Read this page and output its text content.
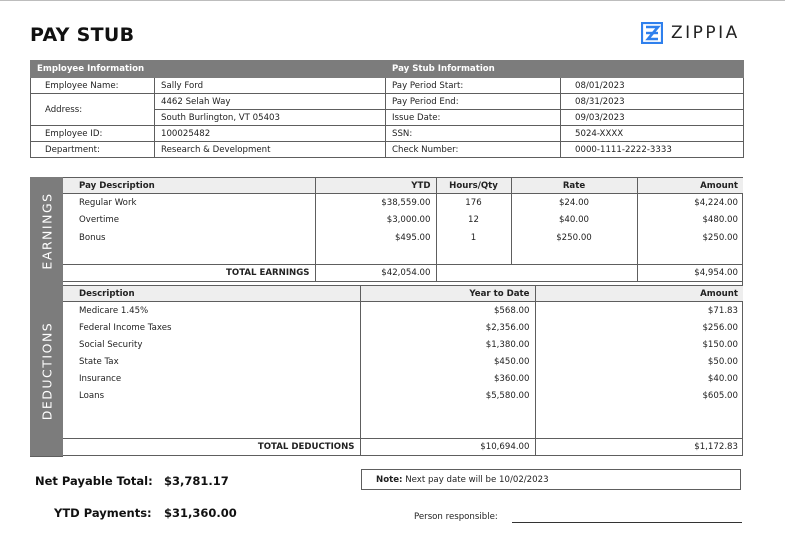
PAY STUB	ZIPPIA
Employee Information		Pay Stub Information	
Employee Name:	Sally Ford	Pay Period Start:	08/01/2023
Address:	4462 Selah Way	Pay Period End:	08/31/2023
	South Burlington, VT 05403	Issue Date:	09/03/2023
Employee ID:	100025482	SSN:	5024-XXXX
Department:	Research & Development	Check Number:	0000-1111-2222-3333
EARNINGS
DEDUCTIONS
Pay Description	YTD	Hours/Qty	Rate	Amount
Regular Work	$38,559.00	176	$24.00	$4,224.00
Overtime	$3,000.00	12	$40.00	$480.00
Bonus	$495.00	1	$250.00	$250.00

TOTAL EARNINGS	$42,054.00			$4,954.00
Description	Year to Date	Amount
Medicare 1.45%	$568.00	$71.83
Federal Income Taxes	$2,356.00	$256.00
Social Security	$1,380.00	$150.00
State Tax	$450.00	$50.00
Insurance	$360.00	$40.00
Loans	$5,580.00	$605.00

TOTAL DEDUCTIONS	$10,694.00	$1,172.83
Net Payable Total: $3,781.17
YTD Payments: $31,360.00
Note: Next pay date will be 10/02/2023
Person responsible:
